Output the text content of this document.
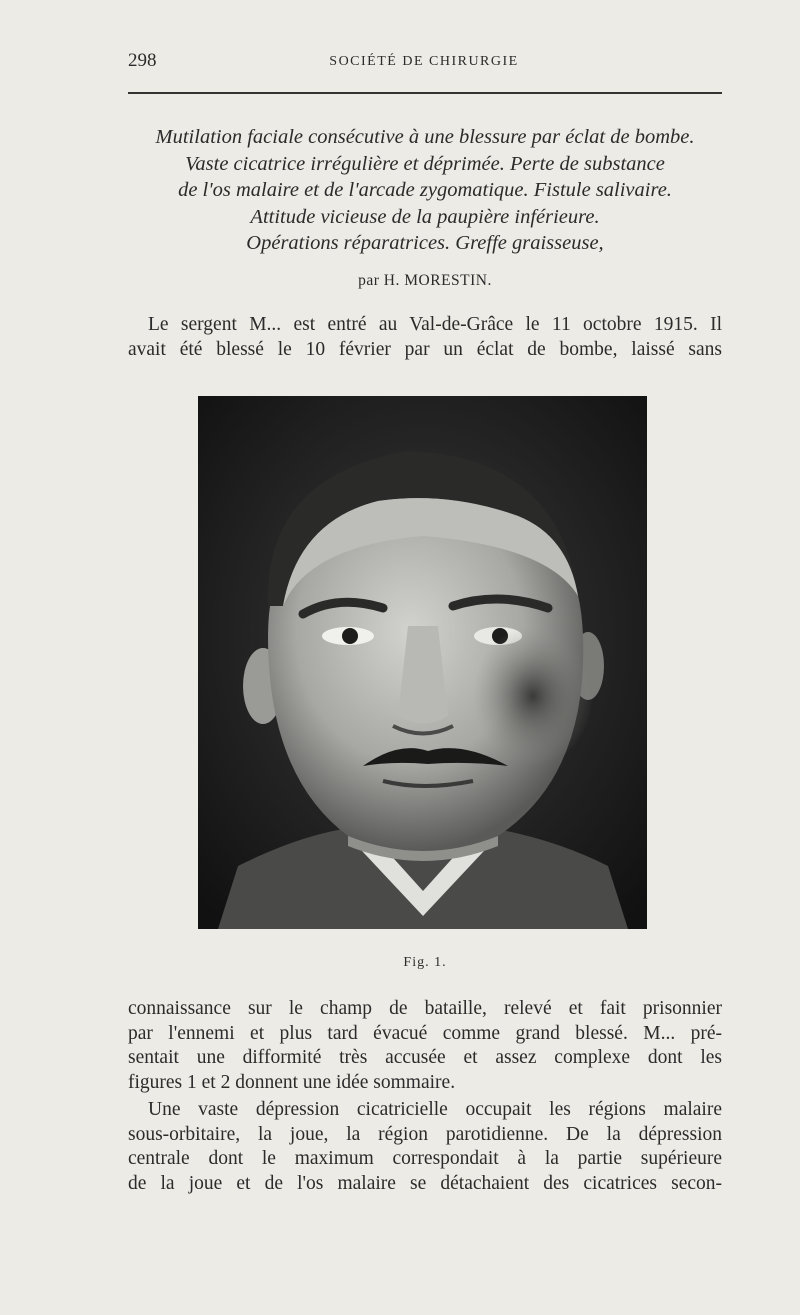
298	SOCIÉTÉ DE CHIRURGIE
Mutilation faciale consécutive à une blessure par éclat de bombe.
Vaste cicatrice irrégulière et déprimée. Perte de substance
de l'os malaire et de l'arcade zygomatique. Fistule salivaire.
Attitude vicieuse de la paupière inférieure.
Opérations réparatrices. Greffe graisseuse,
par H. MORESTIN.
Le sergent M... est entré au Val-de-Grâce le 11 octobre 1915. Il
avait été blessé le 10 février par un éclat de bombe, laissé sans
Fig. 1.
connaissance sur le champ de bataille, relevé et fait prisonnier
par l'ennemi et plus tard évacué comme grand blessé. M... pré-
sentait une difformité très accusée et assez complexe dont les
figures 1 et 2 donnent une idée sommaire.
Une vaste dépression cicatricielle occupait les régions malaire
sous-orbitaire, la joue, la région parotidienne. De la dépression
centrale dont le maximum correspondait à la partie supérieure
de la joue et de l'os malaire se détachaient des cicatrices secon-
